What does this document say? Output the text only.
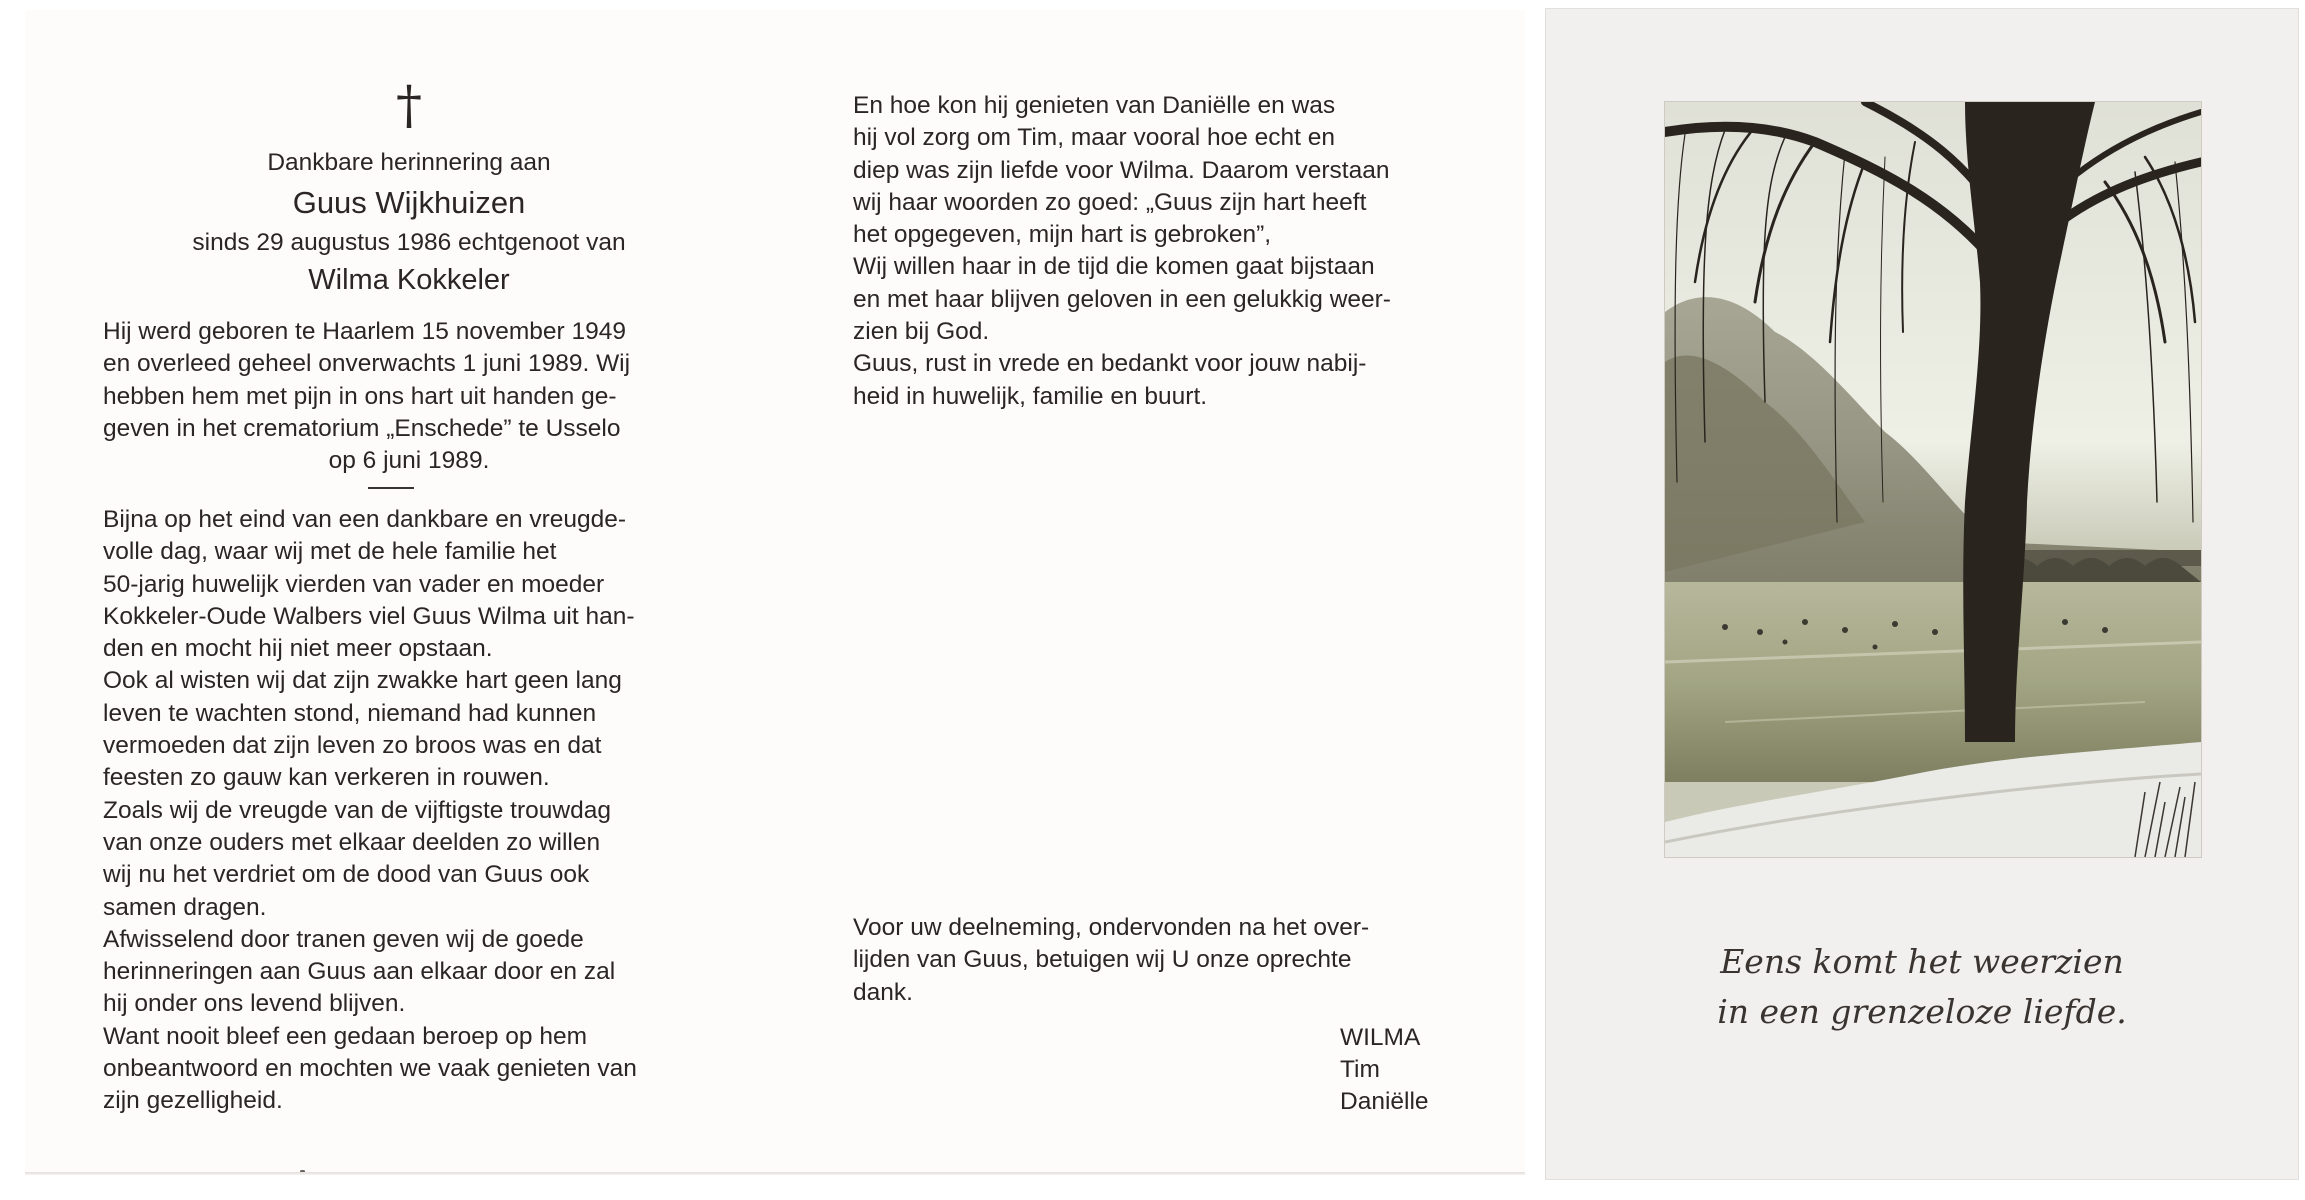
†
Dankbare herinnering aan
Guus Wijkhuizen
sinds 29 augustus 1986 echtgenoot van
Wilma Kokkeler
Hij werd geboren te Haarlem 15 november 1949
en overleed geheel onverwachts 1 juni 1989. Wij
hebben hem met pijn in ons hart uit handen ge-
geven in het crematorium „Enschede” te Usselo
op 6 juni 1989.
Bijna op het eind van een dankbare en vreugde-
volle dag, waar wij met de hele familie het
50-jarig huwelijk vierden van vader en moeder
Kokkeler-Oude Walbers viel Guus Wilma uit han-
den en mocht hij niet meer opstaan.
Ook al wisten wij dat zijn zwakke hart geen lang
leven te wachten stond, niemand had kunnen
vermoeden dat zijn leven zo broos was en dat
feesten zo gauw kan verkeren in rouwen.
Zoals wij de vreugde van de vijftigste trouwdag
van onze ouders met elkaar deelden zo willen
wij nu het verdriet om de dood van Guus ook
samen dragen.
Afwisselend door tranen geven wij de goede
herinneringen aan Guus aan elkaar door en zal
hij onder ons levend blijven.
Want nooit bleef een gedaan beroep op hem
onbeantwoord en mochten we vaak genieten van
zijn gezelligheid.
En hoe kon hij genieten van Daniëlle en was
hij vol zorg om Tim, maar vooral hoe echt en
diep was zijn liefde voor Wilma. Daarom verstaan
wij haar woorden zo goed: „Guus zijn hart heeft
het opgegeven, mijn hart is gebroken”,
Wij willen haar in de tijd die komen gaat bijstaan
en met haar blijven geloven in een gelukkig weer-
zien bij God.
Guus, rust in vrede en bedankt voor jouw nabij-
heid in huwelijk, familie en buurt.
Voor uw deelneming, ondervonden na het over-
lijden van Guus, betuigen wij U onze oprechte
dank.
WILMA
Tim
Daniëlle
Eens komt het weerzien
in een grenzeloze liefde.
